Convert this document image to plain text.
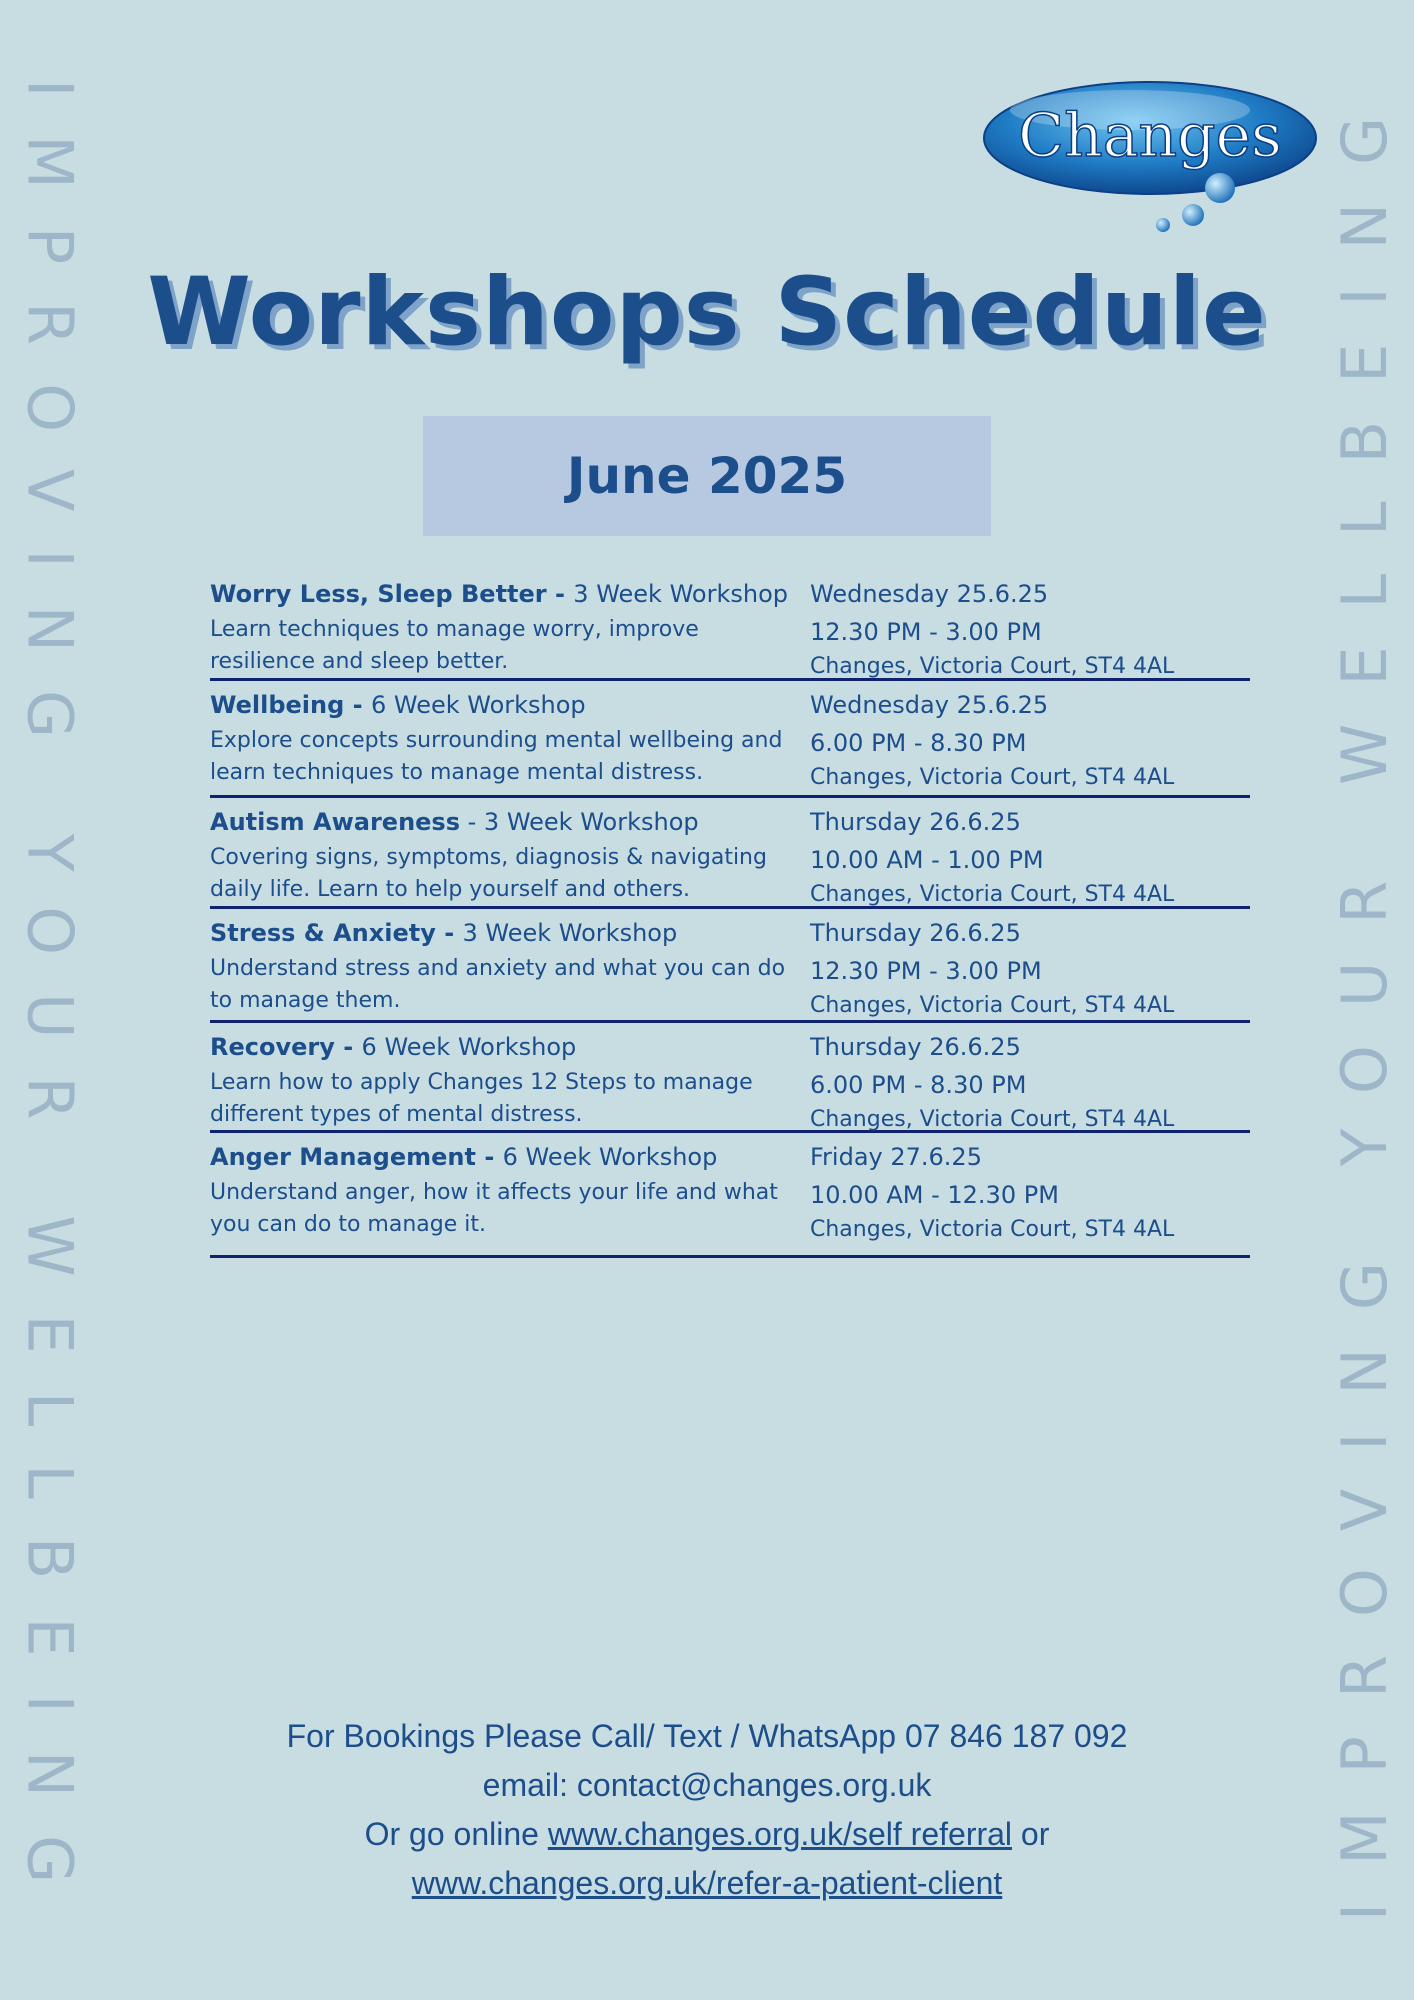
IMPROVING YOUR WELLBEING	IMPROVING YOUR WELLBEING
Changes
Workshops Schedule
June 2025
Worry Less, Sleep Better - 3 Week Workshop
Learn techniques to manage worry, improve resilience and sleep better.
Wednesday 25.6.25
12.30 PM - 3.00 PM
Changes, Victoria Court, ST4 4AL
Wellbeing - 6 Week Workshop
Explore concepts surrounding mental wellbeing and learn techniques to manage mental distress.
Wednesday 25.6.25
6.00 PM - 8.30 PM
Changes, Victoria Court, ST4 4AL
Autism Awareness - 3 Week Workshop
Covering signs, symptoms, diagnosis & navigating daily life. Learn to help yourself and others.
Thursday 26.6.25
10.00 AM - 1.00 PM
Changes, Victoria Court, ST4 4AL
Stress & Anxiety - 3 Week Workshop
Understand stress and anxiety and what you can do to manage them.
Thursday 26.6.25
12.30 PM - 3.00 PM
Changes, Victoria Court, ST4 4AL
Recovery - 6 Week Workshop
Learn how to apply Changes 12 Steps to manage different types of mental distress.
Thursday 26.6.25
6.00 PM - 8.30 PM
Changes, Victoria Court, ST4 4AL
Anger Management - 6 Week Workshop
Understand anger, how it affects your life and what you can do to manage it.
Friday 27.6.25
10.00 AM - 12.30 PM
Changes, Victoria Court, ST4 4AL
For Bookings Please Call/ Text / WhatsApp 07 846 187 092
email: contact@changes.org.uk
Or go online www.changes.org.uk/self referral or
www.changes.org.uk/refer-a-patient-client
